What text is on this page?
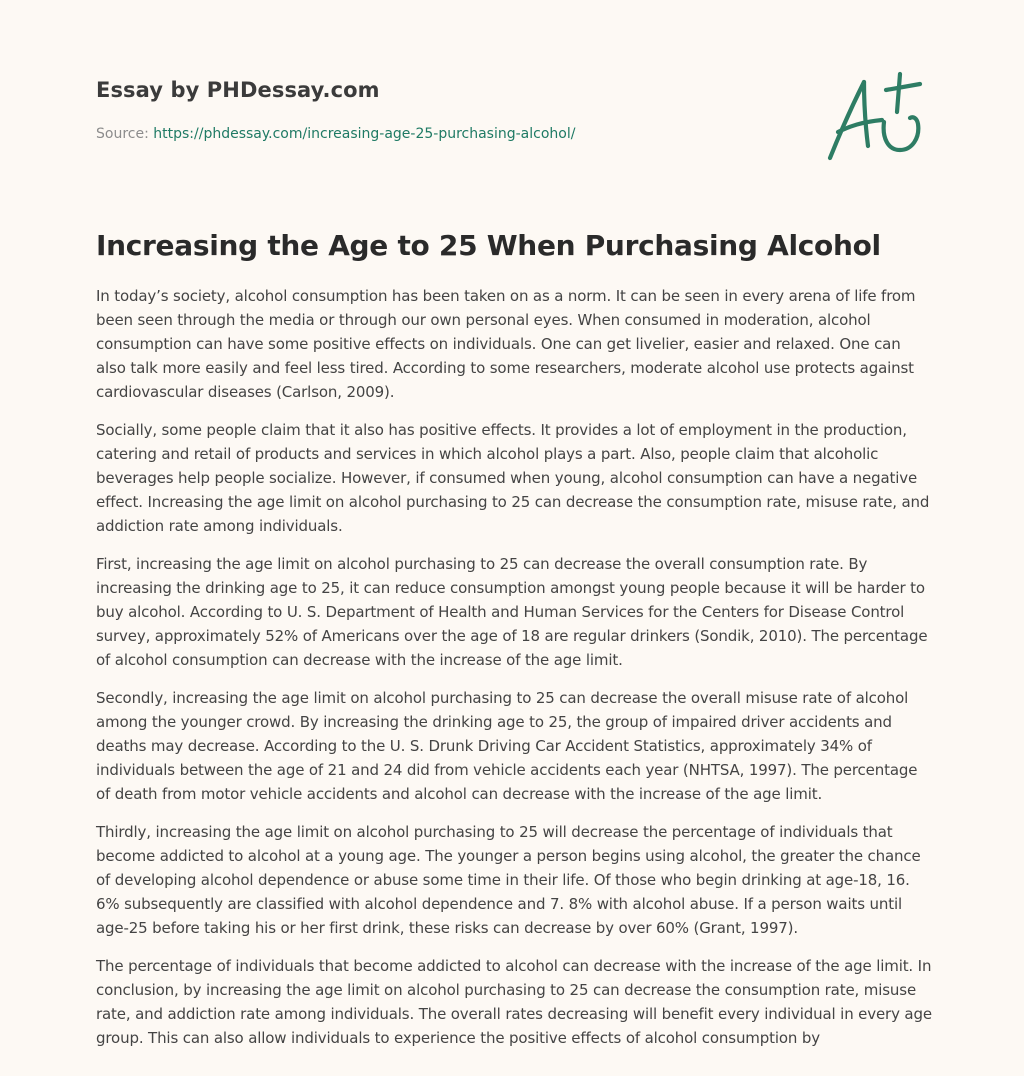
Essay by PHDessay.com
Source: https://phdessay.com/increasing-age-25-purchasing-alcohol/
Increasing the Age to 25 When Purchasing Alcohol

In today’s society, alcohol consumption has been taken on as a norm. It can be seen in every arena of life from been seen through the media or through our own personal eyes. When consumed in moderation, alcohol consumption can have some positive effects on individuals. One can get livelier, easier and relaxed. One can also talk more easily and feel less tired. According to some researchers, moderate alcohol use protects against cardiovascular diseases (Carlson, 2009).

Socially, some people claim that it also has positive effects. It provides a lot of employment in the production, catering and retail of products and services in which alcohol plays a part. Also, people claim that alcoholic beverages help people socialize. However, if consumed when young, alcohol consumption can have a negative effect. Increasing the age limit on alcohol purchasing to 25 can decrease the consumption rate, misuse rate, and addiction rate among individuals.

First, increasing the age limit on alcohol purchasing to 25 can decrease the overall consumption rate. By increasing the drinking age to 25, it can reduce consumption amongst young people because it will be harder to buy alcohol. According to U. S. Department of Health and Human Services for the Centers for Disease Control survey, approximately 52% of Americans over the age of 18 are regular drinkers (Sondik, 2010). The percentage of alcohol consumption can decrease with the increase of the age limit.

Secondly, increasing the age limit on alcohol purchasing to 25 can decrease the overall misuse rate of alcohol among the younger crowd. By increasing the drinking age to 25, the group of impaired driver accidents and deaths may decrease. According to the U. S. Drunk Driving Car Accident Statistics, approximately 34% of individuals between the age of 21 and 24 did from vehicle accidents each year (NHTSA, 1997). The percentage of death from motor vehicle accidents and alcohol can decrease with the increase of the age limit.

Thirdly, increasing the age limit on alcohol purchasing to 25 will decrease the percentage of individuals that become addicted to alcohol at a young age. The younger a person begins using alcohol, the greater the chance of developing alcohol dependence or abuse some time in their life. Of those who begin drinking at age-18, 16. 6% subsequently are classified with alcohol dependence and 7. 8% with alcohol abuse. If a person waits until age-25 before taking his or her first drink, these risks can decrease by over 60% (Grant, 1997).

The percentage of individuals that become addicted to alcohol can decrease with the increase of the age limit. In conclusion, by increasing the age limit on alcohol purchasing to 25 can decrease the consumption rate, misuse rate, and addiction rate among individuals. The overall rates decreasing will benefit every individual in every age group. This can also allow individuals to experience the positive effects of alcohol consumption by
